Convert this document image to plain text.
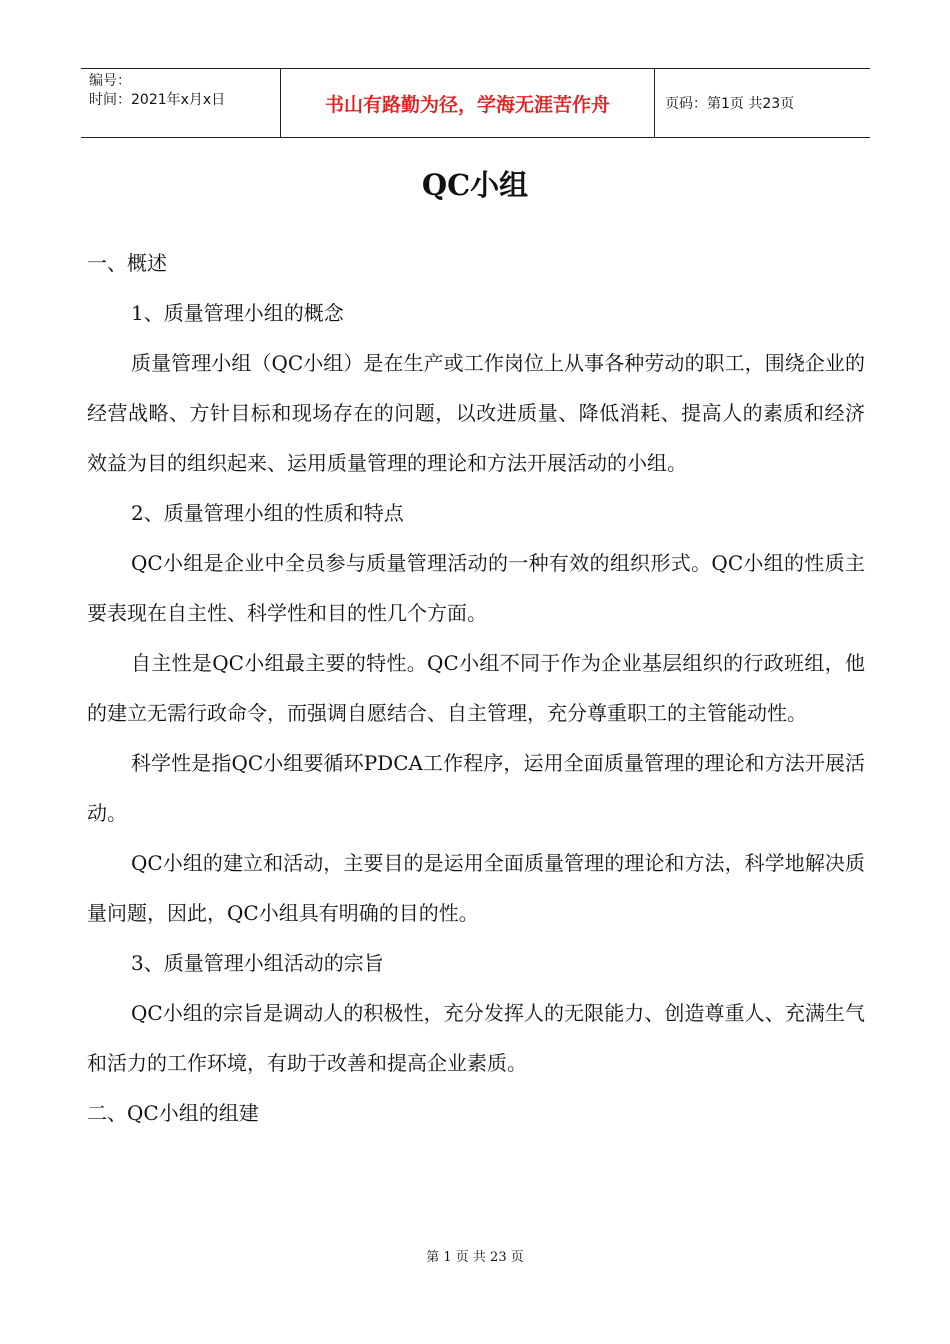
编号：
时间：2021年x月x日	书山有路勤为径，学海无涯苦作舟	页码：第1页 共23页
QC小组

一、概述

1、质量管理小组的概念

质量管理小组（QC小组）是在生产或工作岗位上从事各种劳动的职工，围绕企业的经营战略、方针目标和现场存在的问题，以改进质量、降低消耗、提高人的素质和经济效益为目的组织起来、运用质量管理的理论和方法开展活动的小组。

2、质量管理小组的性质和特点

QC小组是企业中全员参与质量管理活动的一种有效的组织形式。QC小组的性质主要表现在自主性、科学性和目的性几个方面。

自主性是QC小组最主要的特性。QC小组不同于作为企业基层组织的行政班组，他的建立无需行政命令，而强调自愿结合、自主管理，充分尊重职工的主管能动性。

科学性是指QC小组要循环PDCA工作程序，运用全面质量管理的理论和方法开展活动。

QC小组的建立和活动，主要目的是运用全面质量管理的理论和方法，科学地解决质量问题，因此，QC小组具有明确的目的性。

3、质量管理小组活动的宗旨

QC小组的宗旨是调动人的积极性，充分发挥人的无限能力、创造尊重人、充满生气和活力的工作环境，有助于改善和提高企业素质。

二、QC小组的组建

第 1 页 共 23 页
